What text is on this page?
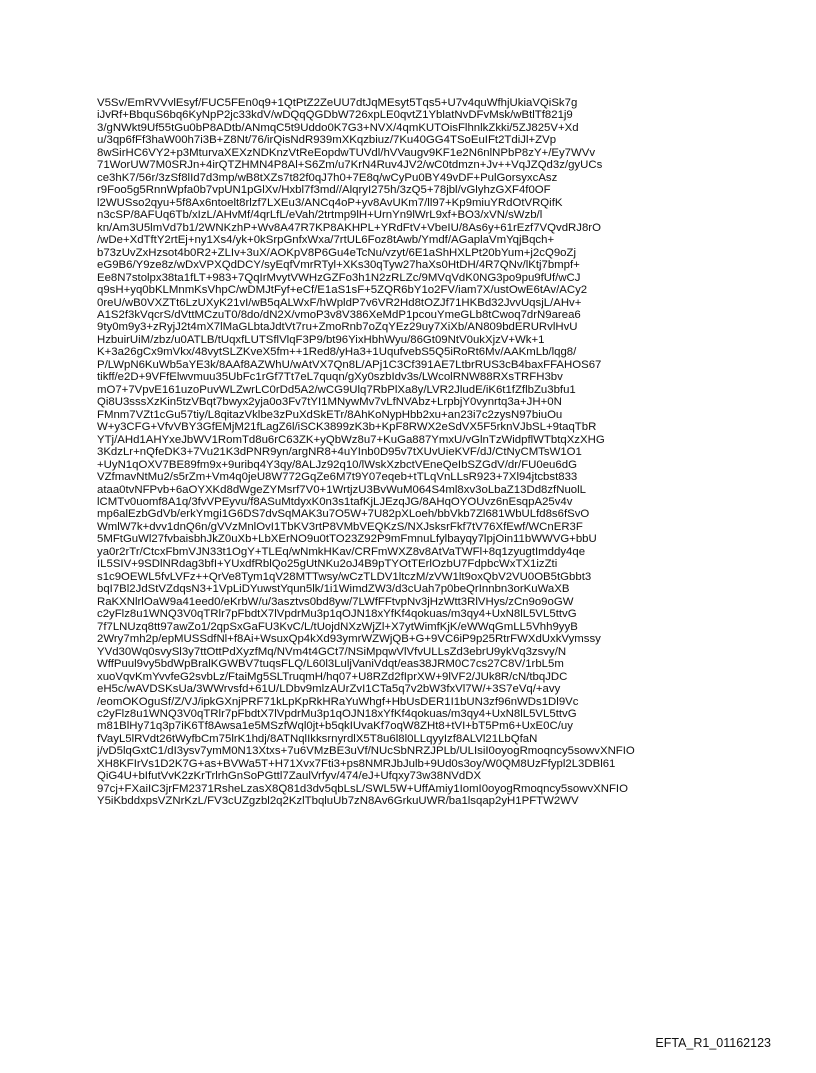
V5Sv/EmRVVvlEsyf/FUC5FEn0q9+1QtPtZ2ZeUU7dtJqMEsyt5Tqs5+U7v4quWfhjUkiaVQiSk7g
iJvRf+BbquS6bq6KyNpP2jc33kdV/wDQqQGDbW726xpLE0qvtZ1YblatNvDFvMsk/wBtlTf821j9
3/gNWkt9Uf55tGu0bP8ADtb/ANmqC5t9Uddo0K7G3+NVX/4qmKUTOisFlhnlkZkki/5ZJ825V+Xd
u/3qp6fFf3haW00h7i3B+Z8Nt/76/irQisNdR939mXKqzbiuz/7Ku40GG4TSoEuIFt2TdiJl+ZVp
8wSirHC6VY2+p3MturvaXEXzNDKnzVtReEopdwTUVdl/hVVaugv9KF1e2N6nlNPbP8zY+/Ey7WVv
71WorUW7M0SRJn+4irQTZHMN4P8Al+S6Zm/u7KrN4Ruv4JV2/wC0tdmzn+Jv++VqJZQd3z/gyUCs
ce3hK7/56r/3zSf8lId7d3mp/wB8tXZs7t82f0qJ7h0+7E8q/wCyPu0BY49vDF+PulGorsyxcAsz
r9Foo5g5RnnWpfa0b7vpUN1pGlXv/Hxbl7f3md//AlqryI275h/3zQ5+78jbl/vGlyhzGXF4f0OF
l2WUSso2qyu+5f8Ax6ntoelt8rlzf7LXEu3/ANCq4oP+yv8AvUKm7/ll97+Kp9miuYRdOtVRQifK
n3cSP/8AFUq6Tb/xIzL/AHvMf/4qrLfL/eVah/2trtmp9lH+UrnYn9lWrL9xf+BO3/xVN/sWzb/l
kn/Am3U5lmVd7b1/2WNKzhP+Wv8A47R7KP8AKHPL+YRdFtV+VbeIU/8As6y+61rEzf7VQvdRJ8rO
/wDe+XdTftY2rtEj+ny1Xs4/yk+0kSrpGnfxWxa/7rtUL6Foz8tAwb/Ymdf/AGaplaVmYqjBqch+
b73zUvZxHzsot4b0R2+ZLIv+3uX/AOKpV8P6Gu4eTcNu/vzyt/6E1aShHXLPt20bYum+j2cQ9oZj
eG9B6/Y9ze8z/wDxVPXQdDCY/syEqfVmrRTyl+XKs30qTyw27haXs0HtDH/4R7QNv/lKtj7bmpf+
Ee8N7stolpx38ta1fLT+983+7QqIrMvytVWHzGZFo3h1N2zRLZc/9MVqVdK0NG3po9pu9fUf/wCJ
q9sH+yq0bKLMnmKsVhpC/wDMJtFyf+eCf/E1aS1sF+5ZQR6bY1o2FV/iam7X/ustOwE6tAv/ACy2
0reU/wB0VXZTt6LzUXyK21vI/wB5qALWxF/hWpldP7v6VR2Hd8tOZJf71HKBd32JvvUqsjL/AHv+
A1S2f3kVqcrS/dVttMCzuT0/8do/dN2X/vmoP3v8V386XeMdP1pcouYmeGLb8tCwoq7drN9area6
9ty0m9y3+zRyjJ2t4mX7lMaGLbtaJdtVt7ru+ZmoRnb7oZqYEz29uy7XiXb/AN809bdERURvlHvU
HzbuirUiM/zbz/u0ATLB/tUqxfLUTSflVlqF3P9/bt96YixHbhWyu/86Gt09NtV0ukXjzV+Wk+1
K+3a26gCx9mVkx/48vytSLZKveX5fm++1Red8/yHa3+1UqufvebS5Q5iRoRt6Mv/AAKmLb/lqg8/
P/LWpN6KuWb5aYE3k/8AAf8AZWhU/wAtVX7Qn8L/APj1C3Cf391AE7LtbrRUS3cB4baxFFAHOS67
tikff/e2D+9VFfElwvmuu35UbFc1rGf7Tt7eL7quqn/gXy0szbIdv3s/LWcolRNW88RXsTRFH3bv
mO7+7VpvE161uzoPuvWLZwrLC0rDd5A2/wCG9Ulq7RbPlXa8y/LVR2JludE/iK6t1fZflbZu3bfu1
Qi8U3sssXzKin5tzVBqt7bwyx2yja0o3Fv7tYI1MNywMv7vLfNVAbz+LrpbjY0vynrtq3a+JH+0N
FMnm7VZt1cGu57tiy/L8qitazVklbe3zPuXdSkETr/8AhKoNypHbb2xu+an23i7c2zysN97biuOu
W+y3CFG+VfvVBY3GfEMjM21fLagZ6l/iSCK3899zK3b+KpF8RWX2eSdVX5F5rknVJbSL+9taqTbR
YTj/AHd1AHYxeJbWV1RomTd8u6rC63ZK+yQbWz8u7+KuGa887YmxU/vGlnTzWidpflWTbtqXzXHG
3KdzLr+nQfeDK3+7Vu21K3dPNR9yn/argNR8+4uYInb0D95v7tXUvUieKVF/dJ/CtNyCMTsW1O1
+UyN1qOXV7BE89fm9x+9uribq4Y3qy/8ALJz92q10/lWskXzbctVEneQeIbSZGdV/dr/FU0eu6dG
VZfmavNtMu2/s5rZm+Vm4q0jeU8W772GqZe6M7t9Y07eqeb+tTLqVnLLsR923+7Xl94jtcbst833
ataa0tvNFPvb+6aOYXKd8dWgeZYMsrf7V0+1WrtjzU3BvWuM064S4ml8xv3oLbaZ13Dd8zfNuolL
lCMTv0uomf8A1q/3fvVPEyvu/f8ASuMtdyxK0n3s1tafKjLJEzqJG/8AHqOYOUvz6nEsqpA25v4v
mp6alEzbGdVb/erkYmgi1G6DS7dvSqMAK3u7O5W+7U82pXLoeh/bbVkb7Zl681WbULfd8s6fSvO
WmlW7k+dvv1dnQ6n/gVVzMnlOvI1TbKV3rtP8VMbVEQKzS/NXJsksrFkf7tV76XfEwf/WCnER3F
5MFtGuWl27fvbaisbhJkZ0uXb+LbXErNO9u0tTO23Z92P9mFmnuLfylbayqy7lpjOin11bWWVG+bbU
ya0r2rTr/CtcxFbmVJN33t1OgY+TLEq/wNmkHKav/CRFmWXZ8v8AtVaTWFl+8q1zyugtImddy4qe
IL5SIV+9SDlNRdag3bfI+YUxdfRblQo25gUtNKu2oJ4B9pTYOtTErlOzbU7FdpbcWxTX1izZti
s1c9OEWL5fvLVFz++QrVe8Tym1qV28MTTwsy/wCzTLDV1ltczM/zVW1lt9oxQbV2VU0OB5tGbbt3
bqI7Bl2JdStVZdqsN3+1VpLiDYuwstYqun5lk/1i1WimdZW3/d3cUah7p0beQrInnbn3orKuWaXB
RaKXNlrlOaW9a41eed0/eKrbW/u/3asztvs0bd8yw/7LWfFFtvpNv3jHzWtt3RlVHys/zCn9o9oGW
c2yFlz8u1WNQ3V0qTRlr7pFbdtX7lVpdrMu3p1qOJN18xYfKf4qokuas/m3qy4+UxN8lL5VL5ttvG
7f7LNUzq8tt97awZo1/2qpSxGaFU3KvC/L/tUojdNXzWjZl+X7ytWimfKjK/eWWqGmLL5Vhh9yyB
2Wry7mh2p/epMUSSdfNl+f8Ai+WsuxQp4kXd93ymrWZWjQB+G+9VC6iP9p25RtrFWXdUxkVymssy
YVd30Wq0svySl3y7ttOttPdXyzfMq/NVm4t4GCt7/NSiMpqwVlVfvULLsZd3ebrU9ykVq3zsvy/N
WffPuul9vy5bdWpBralKGWBV7tuqsFLQ/L60l3LuljVaniVdqt/eas38JRM0C7cs27C8V/1rbL5m
xuoVqvKmYvvfeG2svbLz/FtaiMg5SLTruqmH/hq07+U8RZd2fIprXW+9lVF2/JUk8R/cN/tbqJDC
eH5c/wAVDSKsUa/3WWrvsfd+61U/LDbv9mlzAUrZvI1CTa5q7v2bW3fxVl7W/+3S7eVq/+avy
/eomOKOguSf/Z/VJ/ipkGXnjPRF71kLpKpRkHRaYuWhgf+HbUsDER1I1bUN3zf96nWDs1Dl9Vc
c2yFlz8u1WNQ3V0qTRlr7pFbdtX7lVpdrMu3p1qOJN18xYfKf4qokuas/m3qy4+UxN8lL5VL5ttvG
m81BlHy71q3p7iK6Tf8Awsa1e5MSzfWql0jt+b5qkIUvaKf7oqW8ZHt8+tVI+bT5Pm6+UxE0C/uy
fVayL5lRVdt26tWyfbCm75lrK1hdj/8ATNqlIkksrnyrdlX5T8u6l8l0LLqyyIzf8ALVl21LbQfaN
j/vD5lqGxtC1/dI3ysv7ymM0N13Xtxs+7u6VMzBE3uVf/NUcSbNRZJPLb/ULIsiI0oyogRmoqncy5sowvXNFIO
XH8KFIrVs1D2K7G+as+BVWa5T+H71Xvx7Fti3+ps8NMRJbJulb+9Ud0s3oy/W0QM8UzFfypl2L3DBl61
QiG4U+bIfutVvK2zKrTrlrhGnSoPGttl7ZaulVrfyv/474/eJ+Ufqxy73w38NVdDX
97cj+FXaiIC3jrFM2371RsheLzasX8Q81d3dv5qbLsL/SWL5W+UffAmiy1IomI0oyogRmoqncy5sowvXNFIO
Y5iKbddxpsVZNrKzL/FV3cUZgzbl2q2KzlTbqluUb7zN8Av6GrkuUWR/ba1lsqap2yH1PFTW2WV
EFTA_R1_01162123
